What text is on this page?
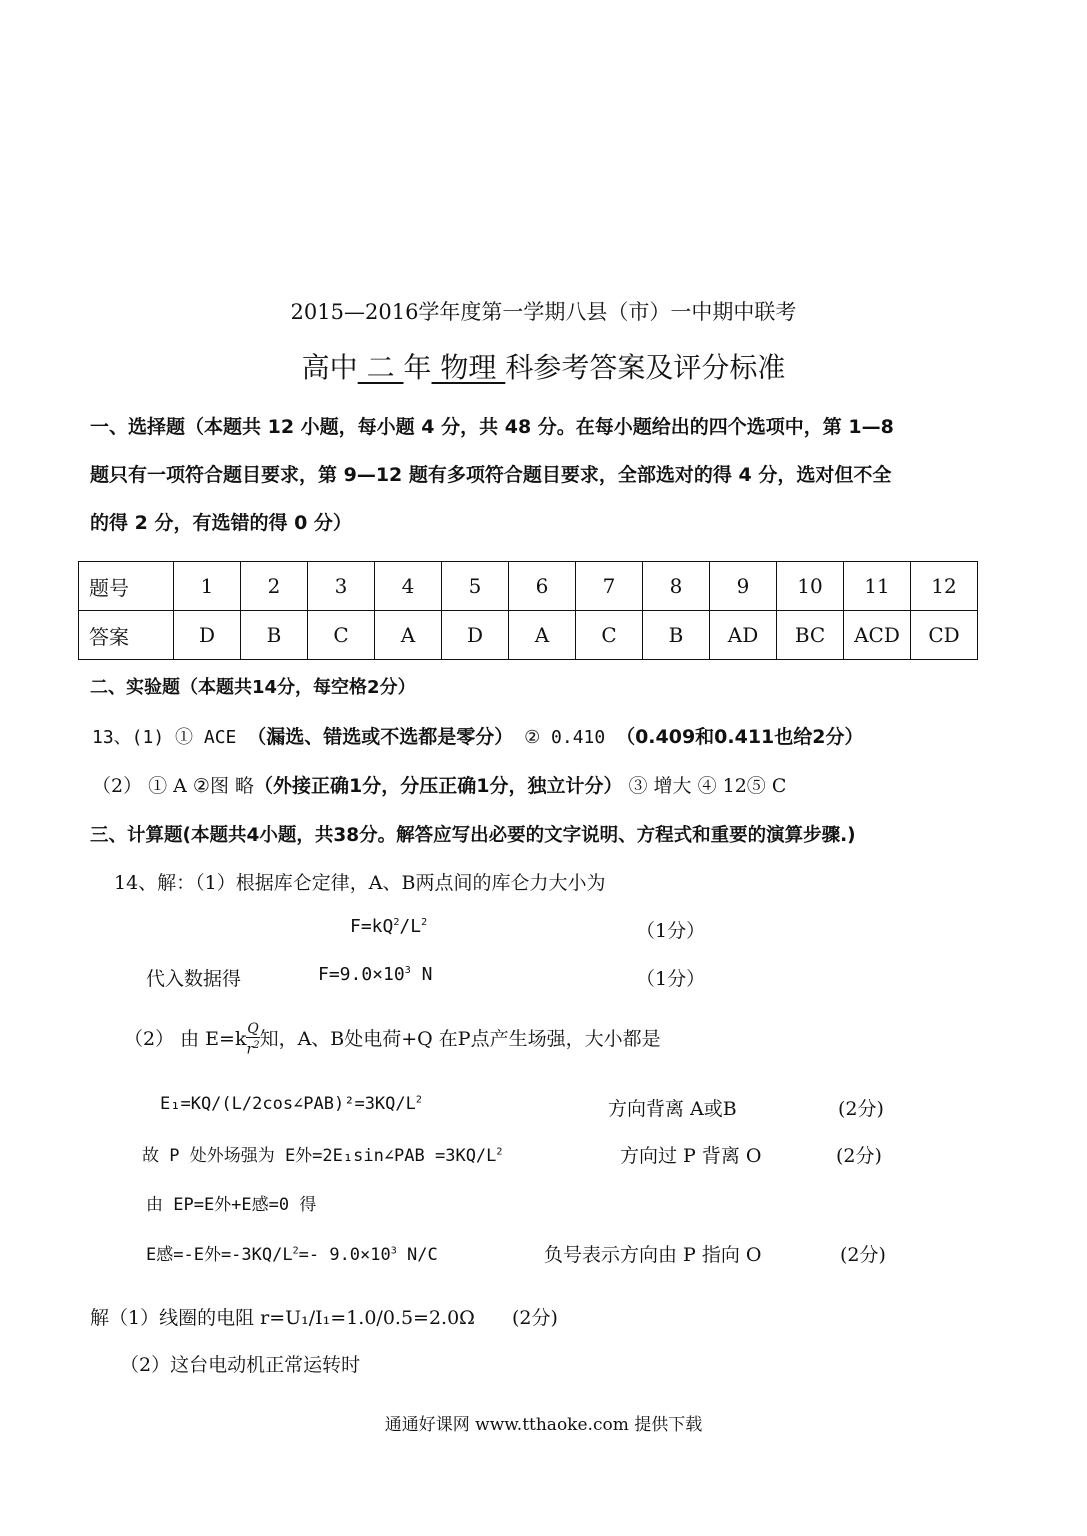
2015—2016学年度第一学期八县（市）一中期中联考
高中 二 年 物理 科参考答案及评分标准
一、选择题（本题共 12 小题，每小题 4 分，共 48 分。在每小题给出的四个选项中，第 1—8
题只有一项符合题目要求，第 9—12 题有多项符合题目要求，全部选对的得 4 分，选对但不全
的得 2 分，有选错的得 0 分）
题号	1	2	3	4	5	6	7	8	9	10	11	12
答案	D	B	C	A	D	A	C	B	AD	BC	ACD	CD
二、实验题（本题共14分，每空格2分）
13、(1) ① ACE （漏选、错选或不选都是零分） ② 0.410 （0.409和0.411也给2分）
（2） ① A ②图 略（外接正确1分，分压正确1分，独立计分） ③ 增大 ④ 12⑤ C
三、计算题(本题共4小题，共38分。解答应写出必要的文字说明、方程式和重要的演算步骤.)
14、解：（1）根据库仑定律，A、B两点间的库仑力大小为
$F=kQ^2/L^2$	（1分）
代入数据得	$F=9.0\times 10^3$ N	（1分）
（2） 由 $E=k \frac{Q}{r^2}$ 知，A、B处电荷+Q 在P点产生场强，大小都是
$E_1=KQ/(L/2\cos\angle PAB)^2=3KQ/L^2$	方向背离 A或B	(2分)
故 P 处外场强为 E外=2E₁sin∠PAB $=3KQ/L^2$	方向过 P 背离 O	(2分)
由 EP=E外+E感=0 得
E感=-E外$=-3KQ/L^2=-$ $9.0\times 10^3$ N/C	负号表示方向由 P 指向 O	(2分)
解（1）线圈的电阻 r=U₁/I₁=1.0/0.5=2.0Ω (2分)
（2）这台电动机正常运转时
通通好课网 www.tthaoke.com 提供下载
